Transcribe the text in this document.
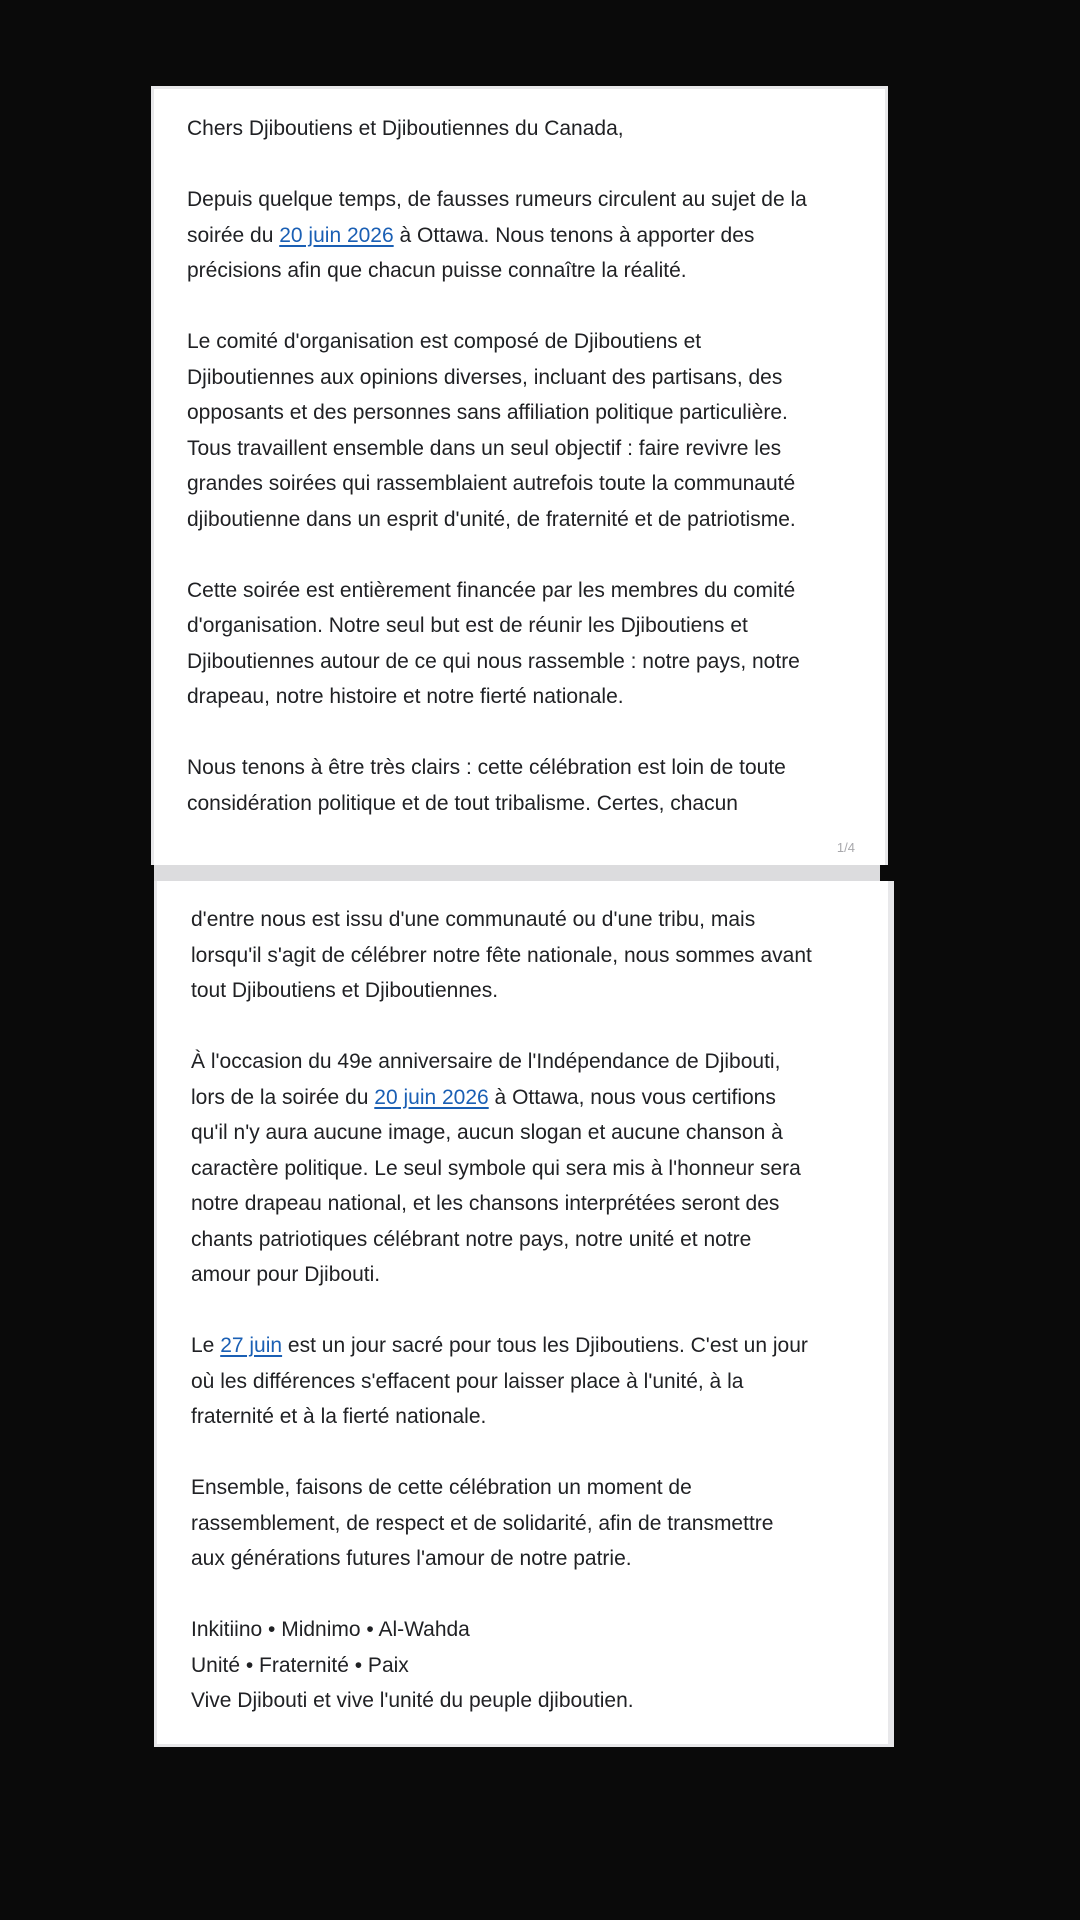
Chers Djiboutiens et Djiboutiennes du Canada,

Depuis quelque temps, de fausses rumeurs circulent au sujet de la
soirée du 20 juin 2026 à Ottawa. Nous tenons à apporter des
précisions afin que chacun puisse connaître la réalité.

Le comité d'organisation est composé de Djiboutiens et
Djiboutiennes aux opinions diverses, incluant des partisans, des
opposants et des personnes sans affiliation politique particulière.
Tous travaillent ensemble dans un seul objectif : faire revivre les
grandes soirées qui rassemblaient autrefois toute la communauté
djiboutienne dans un esprit d'unité, de fraternité et de patriotisme.

Cette soirée est entièrement financée par les membres du comité
d'organisation. Notre seul but est de réunir les Djiboutiens et
Djiboutiennes autour de ce qui nous rassemble : notre pays, notre
drapeau, notre histoire et notre fierté nationale.

Nous tenons à être très clairs : cette célébration est loin de toute
considération politique et de tout tribalisme. Certes, chacun

1/4

d'entre nous est issu d'une communauté ou d'une tribu, mais
lorsqu'il s'agit de célébrer notre fête nationale, nous sommes avant
tout Djiboutiens et Djiboutiennes.

À l'occasion du 49e anniversaire de l'Indépendance de Djibouti,
lors de la soirée du 20 juin 2026 à Ottawa, nous vous certifions
qu'il n'y aura aucune image, aucun slogan et aucune chanson à
caractère politique. Le seul symbole qui sera mis à l'honneur sera
notre drapeau national, et les chansons interprétées seront des
chants patriotiques célébrant notre pays, notre unité et notre
amour pour Djibouti.

Le 27 juin est un jour sacré pour tous les Djiboutiens. C'est un jour
où les différences s'effacent pour laisser place à l'unité, à la
fraternité et à la fierté nationale.

Ensemble, faisons de cette célébration un moment de
rassemblement, de respect et de solidarité, afin de transmettre
aux générations futures l'amour de notre patrie.

Inkitiino • Midnimo • Al-Wahda
Unité • Fraternité • Paix
Vive Djibouti et vive l'unité du peuple djiboutien.
